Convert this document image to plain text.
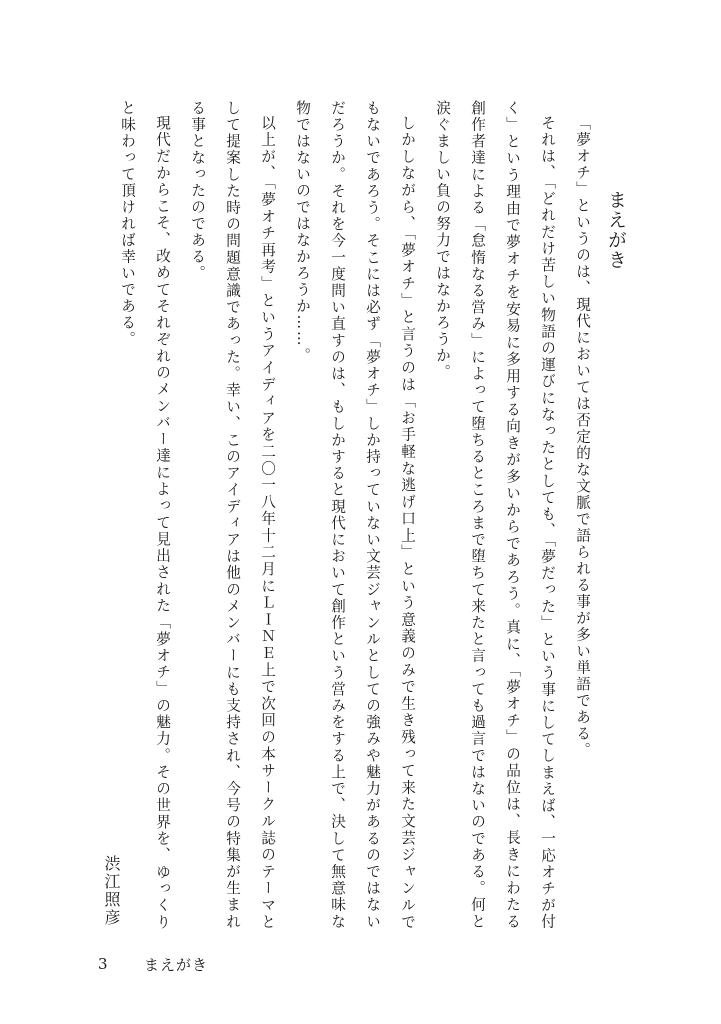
まえがき

「夢オチ」というのは、現代においては否定的な文脈で語られる事が多い単語である。

それは、「どれだけ苦しい物語の運びになったとしても、「夢だった」という事にしてしまえば、一応オチが付く」という理由で夢オチを安易に多用する向きが多いからであろう。真に、「夢オチ」の品位は、長きにわたる創作者達による「怠惰なる営み」によって堕ちるところまで堕ちて来たと言っても過言ではないのである。何と涙ぐましい負の努力ではなかろうか。

しかしながら、「夢オチ」と言うのは「お手軽な逃げ口上」という意義のみで生き残って来た文芸ジャンルでもないであろう。そこには必ず「夢オチ」しか持っていない文芸ジャンルとしての強みや魅力があるのではないだろうか。それを今一度問い直すのは、もしかすると現代において創作という営みをする上で、決して無意味な物ではないのではなかろうか……。

以上が、「夢オチ再考」というアイディアを二〇一八年十二月にＬＩＮＥ上で次回の本サークル誌のテーマとして提案した時の問題意識であった。幸い、このアイディアは他のメンバーにも支持され、今号の特集が生まれる事となったのである。

現代だからこそ、改めてそれぞれのメンバー達によって見出された「夢オチ」の魅力。その世界を、ゆっくりと味わって頂ければ幸いである。

渋江照彦
3	まえがき
